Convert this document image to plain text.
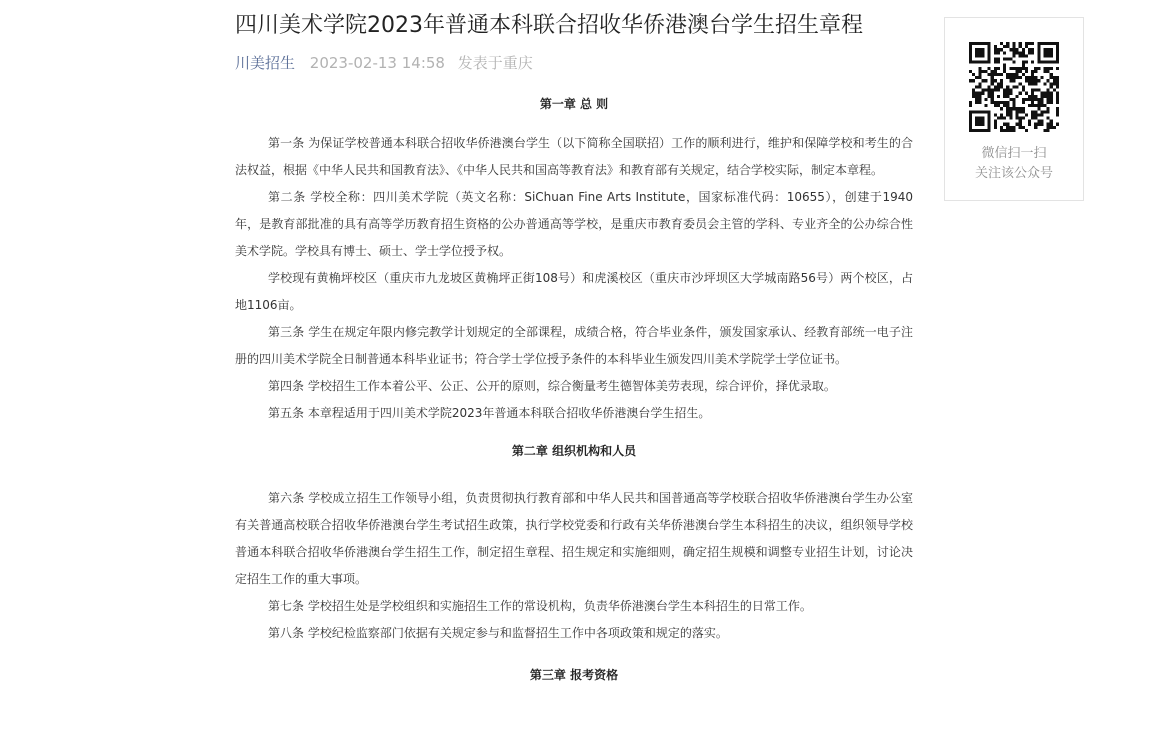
四川美术学院2023年普通本科联合招收华侨港澳台学生招生章程
川美招生 2023-02-13 14:58 发表于重庆
第一章 总 则

第一条 为保证学校普通本科联合招收华侨港澳台学生（以下简称全国联招）工作的顺利进行，维护和保障学校和考生的合法权益，根据《中华人民共和国教育法》、《中华人民共和国高等教育法》和教育部有关规定，结合学校实际，制定本章程。

第二条 学校全称：四川美术学院（英文名称：SiChuan Fine Arts Institute，国家标准代码：10655），创建于1940年，是教育部批准的具有高等学历教育招生资格的公办普通高等学校，是重庆市教育委员会主管的学科、专业齐全的公办综合性美术学院。学校具有博士、硕士、学士学位授予权。

学校现有黄桷坪校区（重庆市九龙坡区黄桷坪正街108号）和虎溪校区（重庆市沙坪坝区大学城南路56号）两个校区，占地1106亩。

第三条 学生在规定年限内修完教学计划规定的全部课程，成绩合格，符合毕业条件，颁发国家承认、经教育部统一电子注册的四川美术学院全日制普通本科毕业证书；符合学士学位授予条件的本科毕业生颁发四川美术学院学士学位证书。

第四条 学校招生工作本着公平、公正、公开的原则，综合衡量考生德智体美劳表现，综合评价，择优录取。

第五条 本章程适用于四川美术学院2023年普通本科联合招收华侨港澳台学生招生。

第二章 组织机构和人员

第六条 学校成立招生工作领导小组，负责贯彻执行教育部和中华人民共和国普通高等学校联合招收华侨港澳台学生办公室有关普通高校联合招收华侨港澳台学生考试招生政策，执行学校党委和行政有关华侨港澳台学生本科招生的决议，组织领导学校普通本科联合招收华侨港澳台学生招生工作，制定招生章程、招生规定和实施细则，确定招生规模和调整专业招生计划，讨论决定招生工作的重大事项。

第七条 学校招生处是学校组织和实施招生工作的常设机构，负责华侨港澳台学生本科招生的日常工作。

第八条 学校纪检监察部门依据有关规定参与和监督招生工作中各项政策和规定的落实。

第三章 报考资格
微信扫一扫
关注该公众号
